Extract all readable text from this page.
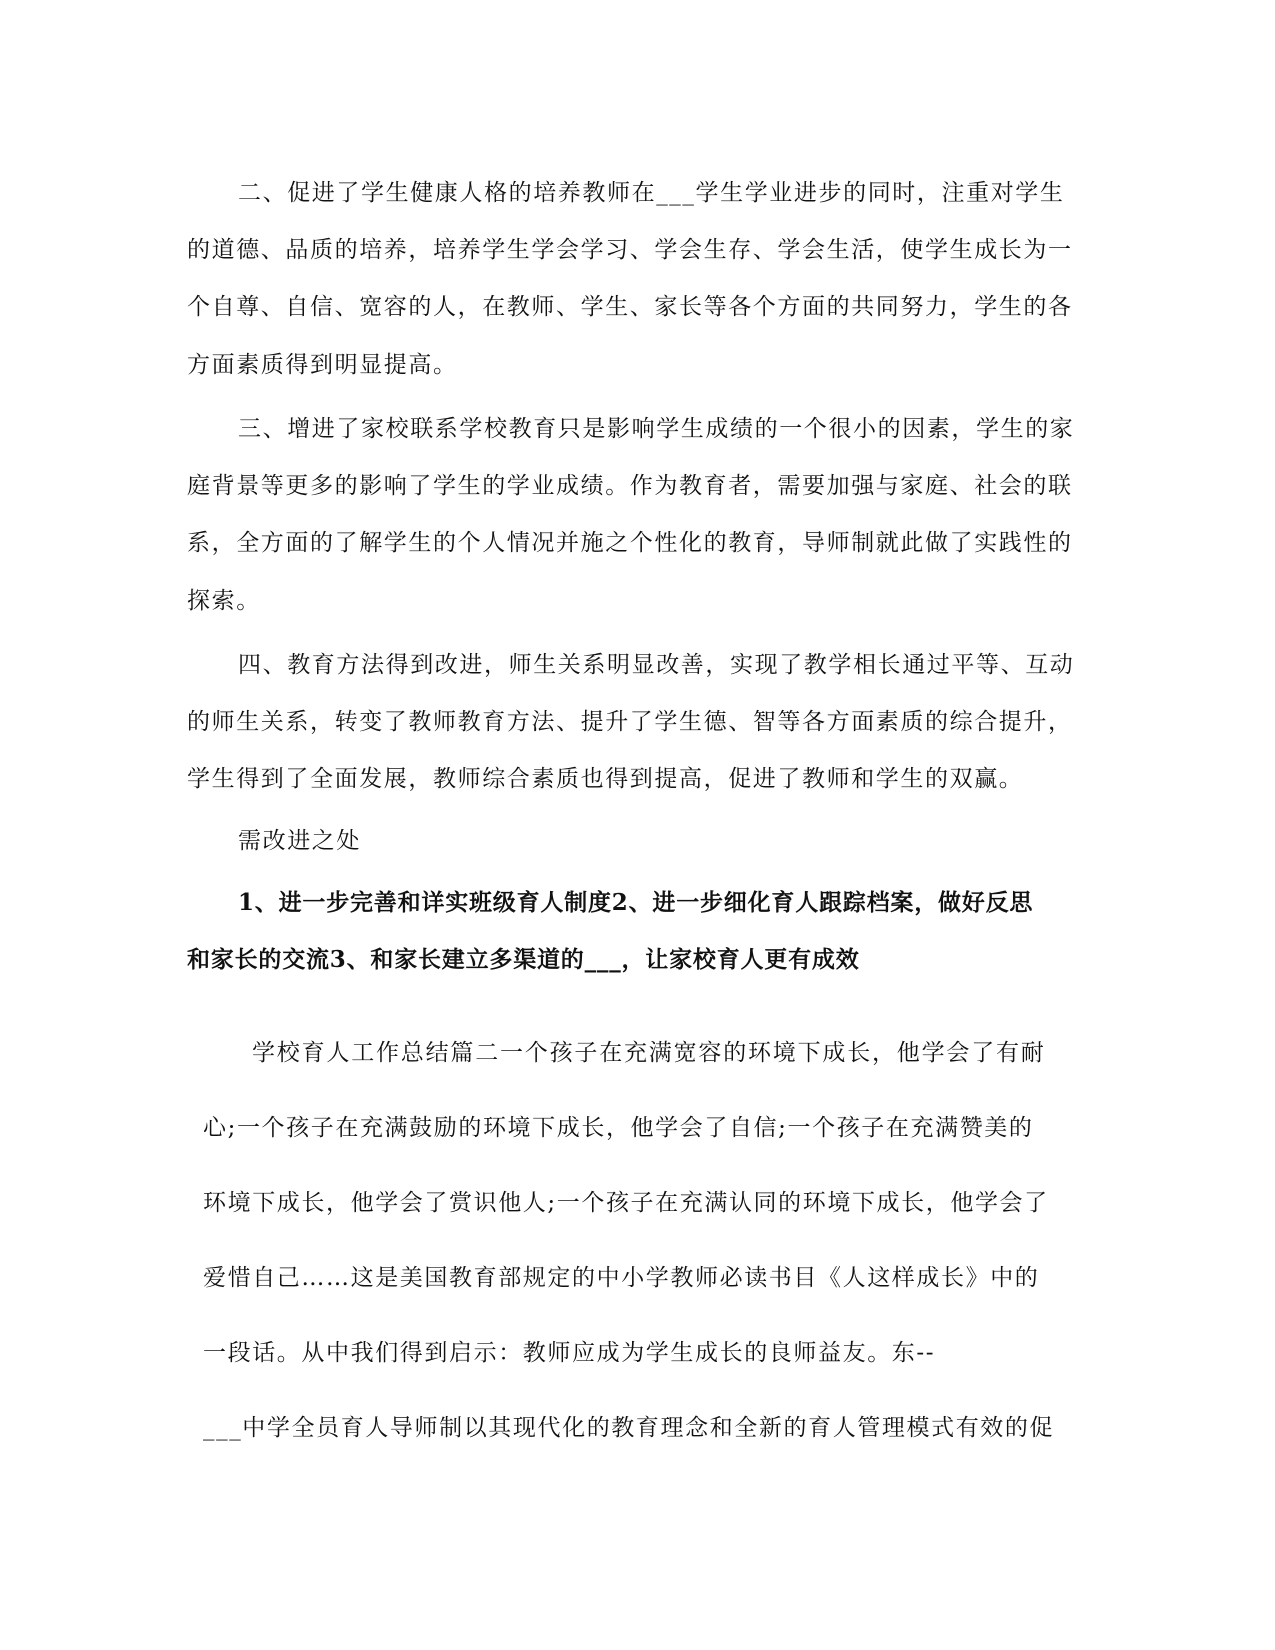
二、促进了学生健康人格的培养教师在___学生学业进步的同时，注重对学生
的道德、品质的培养，培养学生学会学习、学会生存、学会生活，使学生成长为一
个自尊、自信、宽容的人，在教师、学生、家长等各个方面的共同努力，学生的各
方面素质得到明显提高。
三、增进了家校联系学校教育只是影响学生成绩的一个很小的因素，学生的家
庭背景等更多的影响了学生的学业成绩。作为教育者，需要加强与家庭、社会的联
系，全方面的了解学生的个人情况并施之个性化的教育，导师制就此做了实践性的
探索。
四、教育方法得到改进，师生关系明显改善，实现了教学相长通过平等、互动
的师生关系，转变了教师教育方法、提升了学生德、智等各方面素质的综合提升，
学生得到了全面发展，教师综合素质也得到提高，促进了教师和学生的双赢。
需改进之处
1、进一步完善和详实班级育人制度2、进一步细化育人跟踪档案，做好反思
和家长的交流3、和家长建立多渠道的___，让家校育人更有成效
学校育人工作总结篇二一个孩子在充满宽容的环境下成长，他学会了有耐
心;一个孩子在充满鼓励的环境下成长，他学会了自信;一个孩子在充满赞美的
环境下成长，他学会了赏识他人;一个孩子在充满认同的环境下成长，他学会了
爱惜自己……这是美国教育部规定的中小学教师必读书目《人这样成长》中的
一段话。从中我们得到启示：教师应成为学生成长的良师益友。东--
___中学全员育人导师制以其现代化的教育理念和全新的育人管理模式有效的促
